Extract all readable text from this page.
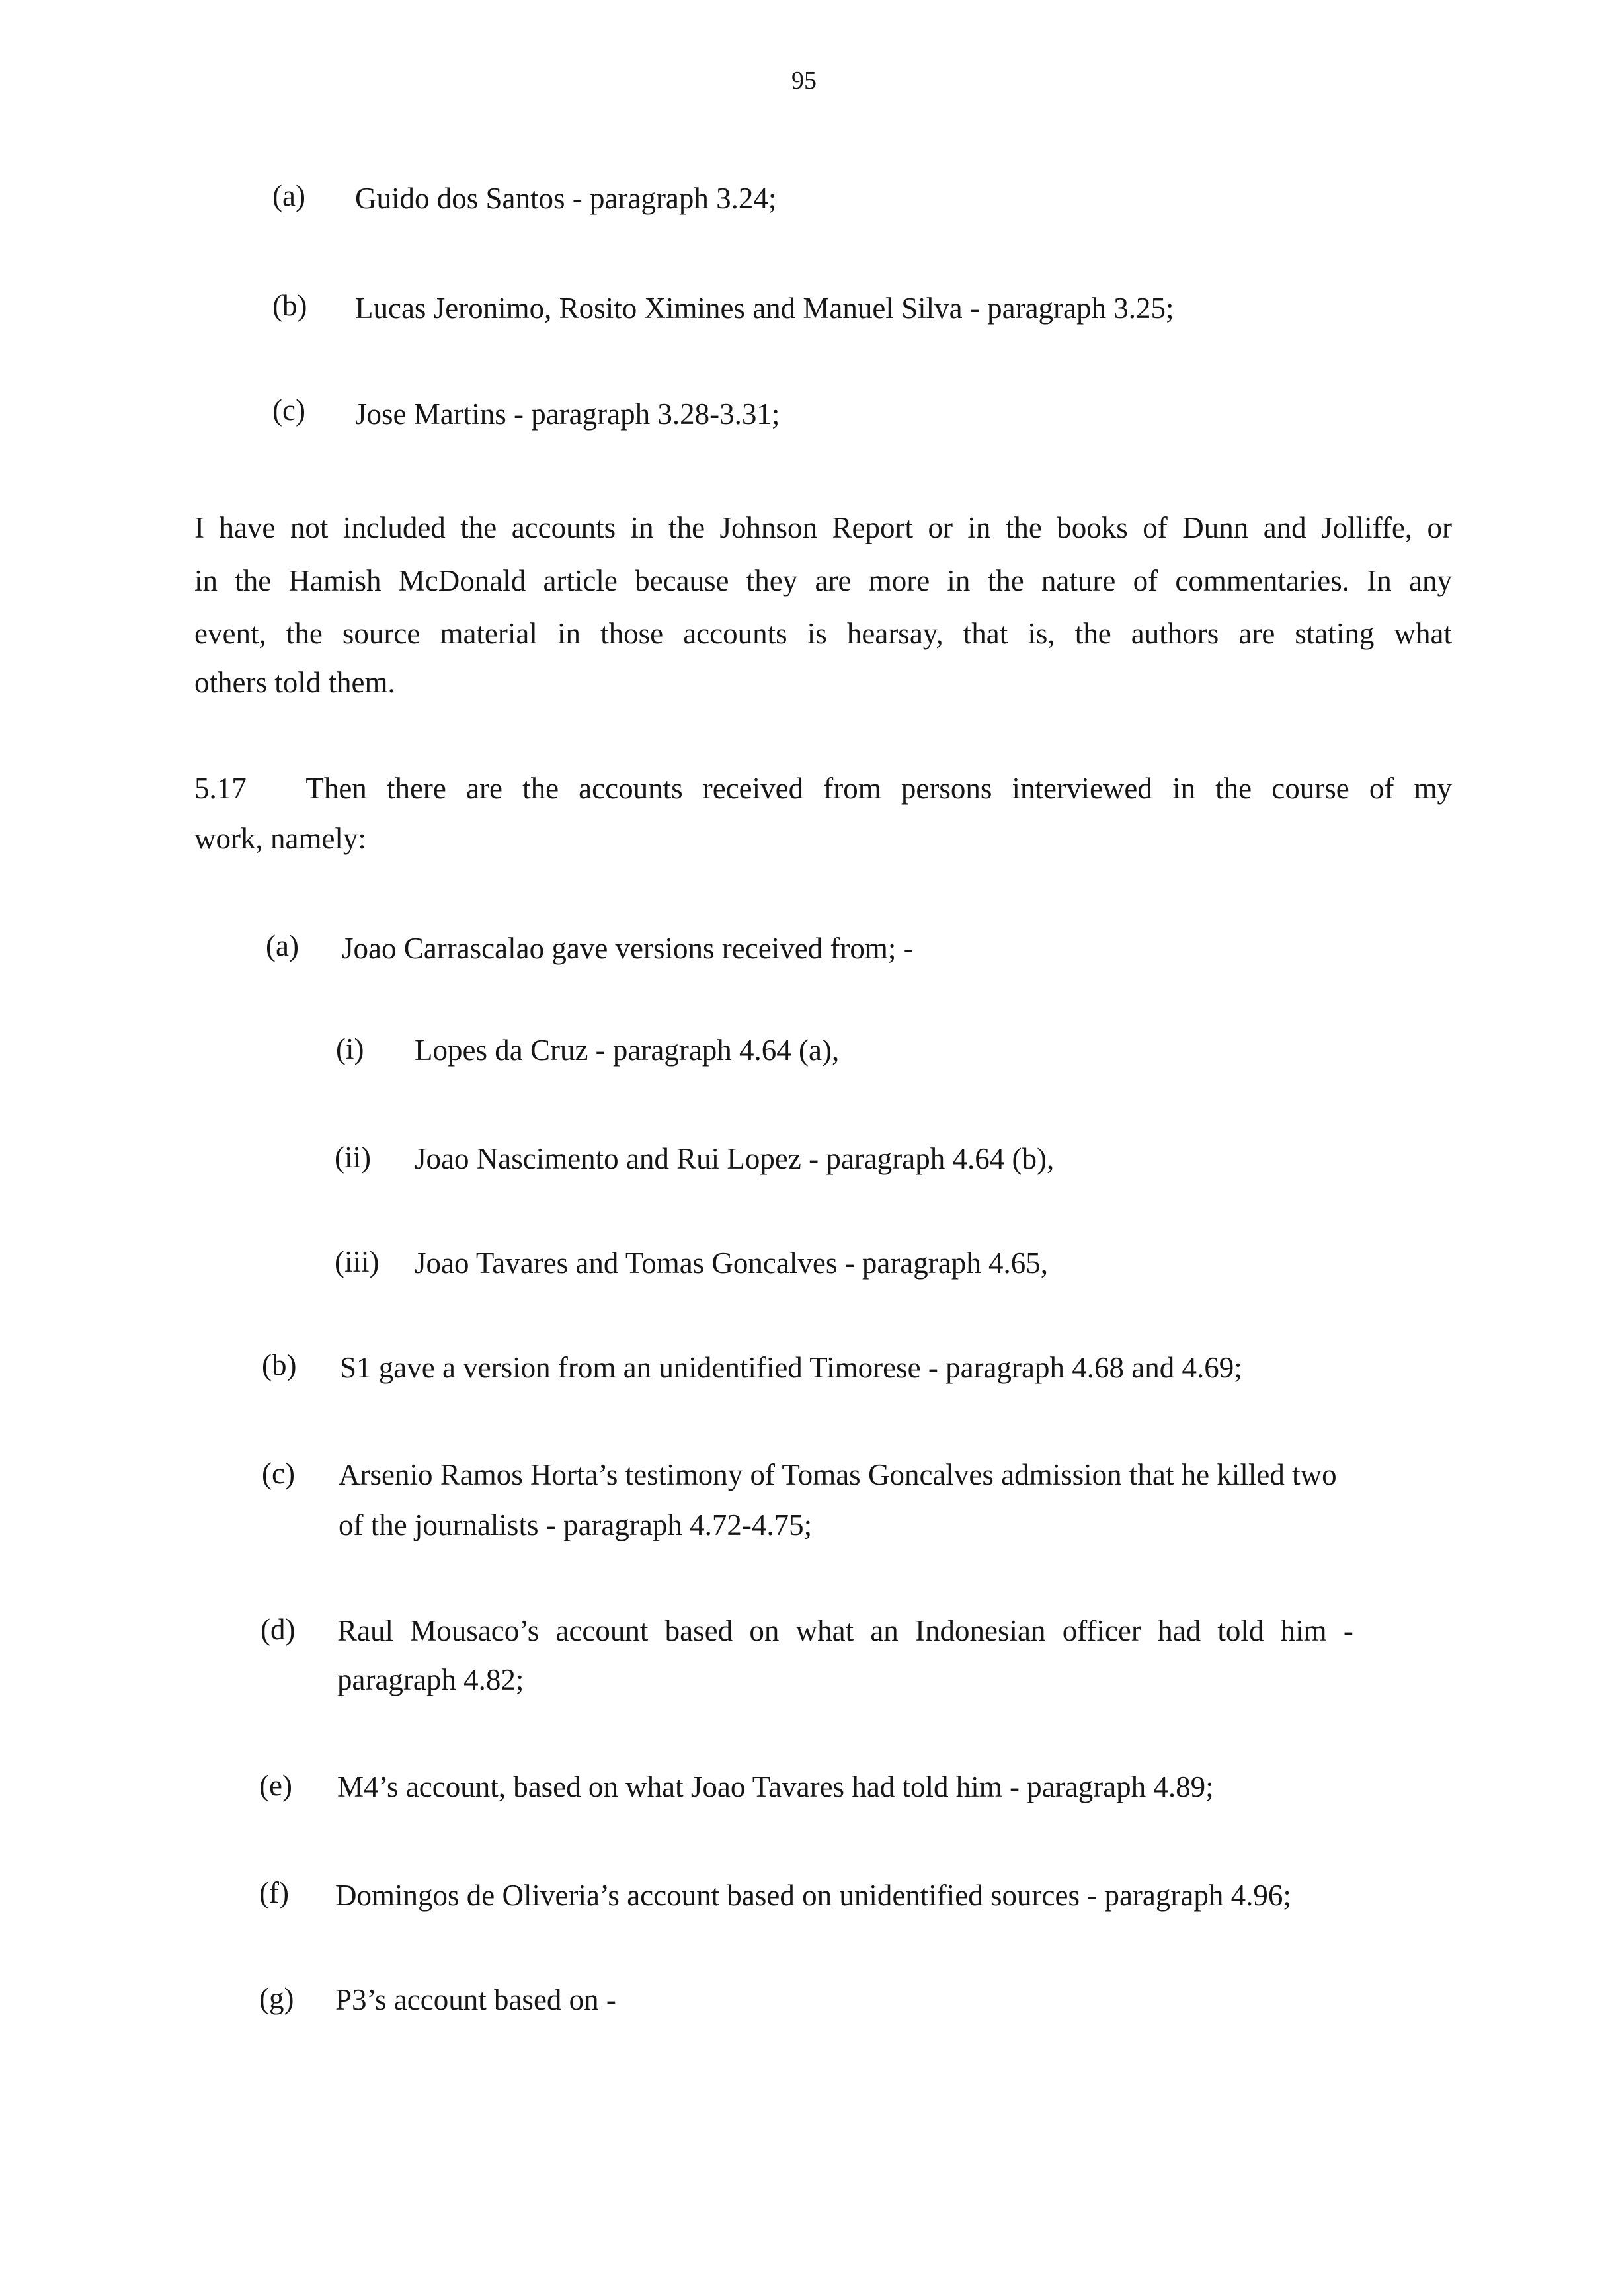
95
(a) Guido dos Santos - paragraph 3.24;
(b) Lucas Jeronimo, Rosito Ximines and Manuel Silva - paragraph 3.25;
(c) Jose Martins - paragraph 3.28-3.31;
I have not included the accounts in the Johnson Report or in the books of Dunn and Jolliffe, or
in the Hamish McDonald article because they are more in the nature of commentaries. In any
event, the source material in those accounts is hearsay, that is, the authors are stating what
others told them.
5.17   Then there are the accounts received from persons interviewed in the course of my
work, namely:
(a) Joao Carrascalao gave versions received from; -
(i) Lopes da Cruz - paragraph 4.64 (a),
(ii) Joao Nascimento and Rui Lopez - paragraph 4.64 (b),
(iii) Joao Tavares and Tomas Goncalves - paragraph 4.65,
(b) S1 gave a version from an unidentified Timorese - paragraph 4.68 and 4.69;
(c) Arsenio Ramos Horta’s testimony of Tomas Goncalves admission that he killed two
of the journalists - paragraph 4.72-4.75;
(d) Raul Mousaco’s account based on what an Indonesian officer had told him -
paragraph 4.82;
(e) M4’s account, based on what Joao Tavares had told him - paragraph 4.89;
(f) Domingos de Oliveria’s account based on unidentified sources - paragraph 4.96;
(g) P3’s account based on -
